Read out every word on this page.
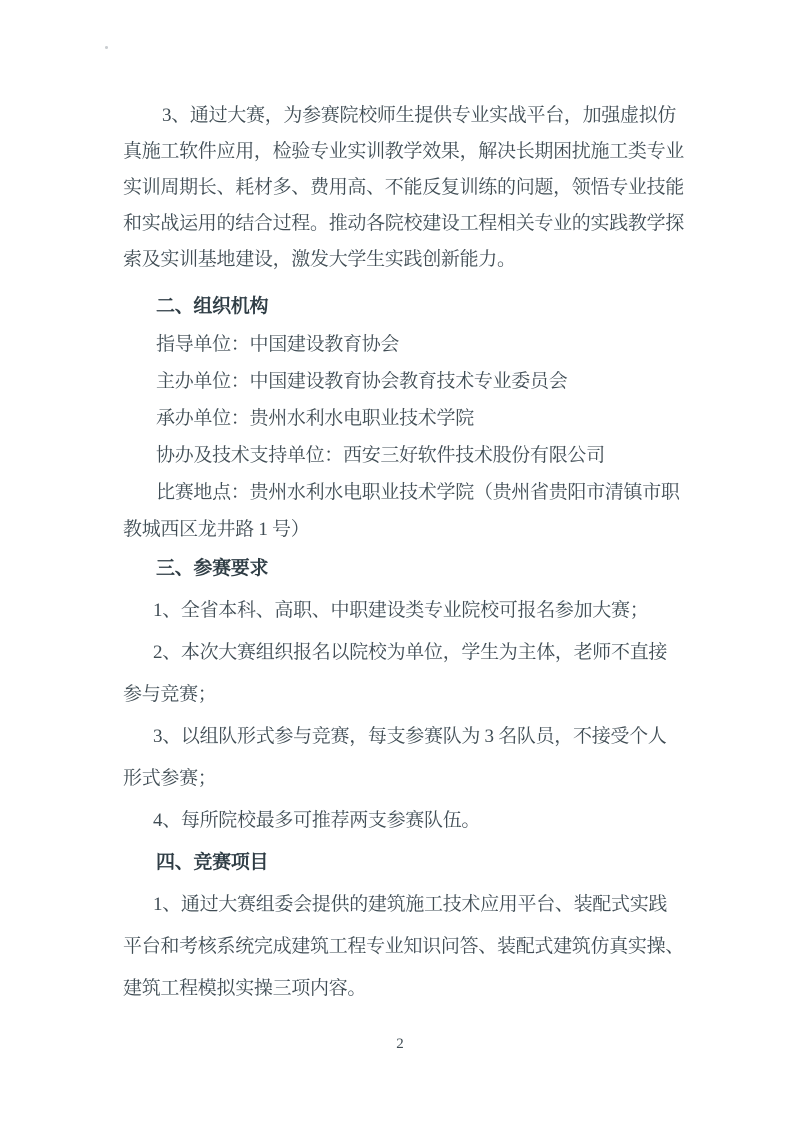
3、通过大赛，为参赛院校师生提供专业实战平台，加强虚拟仿
真施工软件应用，检验专业实训教学效果，解决长期困扰施工类专业
实训周期长、耗材多、费用高、不能反复训练的问题，领悟专业技能
和实战运用的结合过程。推动各院校建设工程相关专业的实践教学探
索及实训基地建设，激发大学生实践创新能力。
二、组织机构
指导单位：中国建设教育协会
主办单位：中国建设教育协会教育技术专业委员会
承办单位：贵州水利水电职业技术学院
协办及技术支持单位：西安三好软件技术股份有限公司
比赛地点：贵州水利水电职业技术学院（贵州省贵阳市清镇市职
教城西区龙井路 1 号）
三、参赛要求
1、全省本科、高职、中职建设类专业院校可报名参加大赛；
2、本次大赛组织报名以院校为单位，学生为主体，老师不直接
参与竞赛；
3、以组队形式参与竞赛，每支参赛队为 3 名队员，不接受个人
形式参赛；
4、每所院校最多可推荐两支参赛队伍。
四、竞赛项目
1、通过大赛组委会提供的建筑施工技术应用平台、装配式实践
平台和考核系统完成建筑工程专业知识问答、装配式建筑仿真实操、
建筑工程模拟实操三项内容。
2
